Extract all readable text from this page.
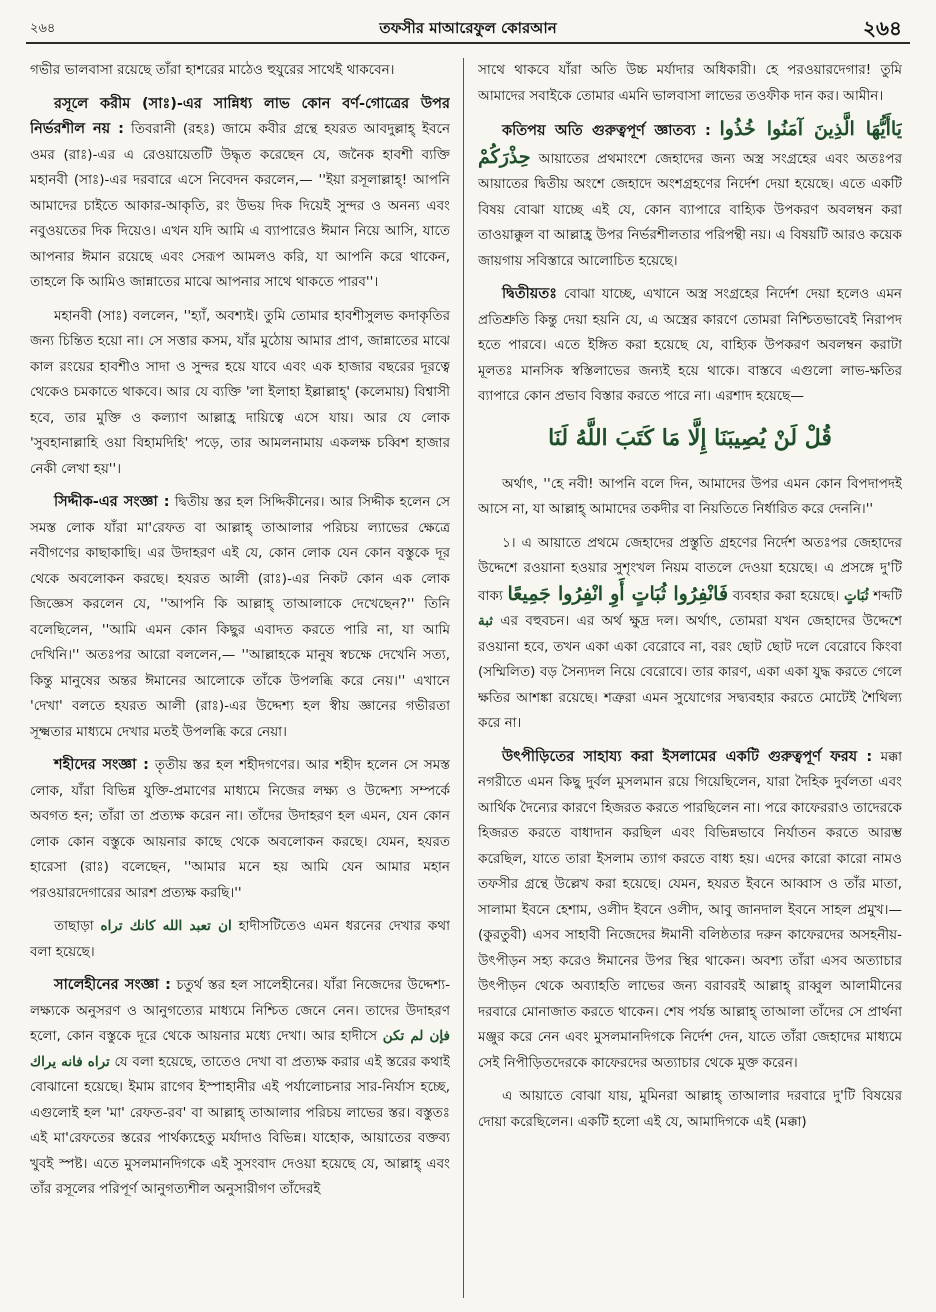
২৬৪	তফসীর মাআরেফুল কোরআন	২৬৪

গভীর ভালবাসা রয়েছে তাঁরা হাশরের মাঠেও হুযুরের সাথেই থাকবেন।

রসূলে করীম (সাঃ)-এর সান্নিধ্য লাভ কোন বর্ণ-গোত্রের উপর নির্ভরশীল নয় : তিবরানী (রহঃ) জামে কবীর গ্রন্থে হযরত আবদুল্লাহ্ ইবনে ওমর (রাঃ)-এর এ রেওয়ায়েতটি উদ্ধৃত করেছেন যে, জনৈক হাবশী ব্যক্তি মহানবী (সাঃ)-এর দরবারে এসে নিবেদন করলেন,— ''ইয়া রসূলাল্লাহ্! আপনি আমাদের চাইতে আকার-আকৃতি, রং উভয় দিক দিয়েই সুন্দর ও অনন্য এবং নবুওয়তের দিক দিয়েও। এখন যদি আমি এ ব্যাপারেও ঈমান নিয়ে আসি, যাতে আপনার ঈমান রয়েছে এবং সেরূপ আমলও করি, যা আপনি করে থাকেন, তাহলে কি আমিও জান্নাতের মাঝে আপনার সাথে থাকতে পারব''।

মহানবী (সাঃ) বললেন, ''হ্যাঁ, অবশ্যই। তুমি তোমার হাবশীসুলভ কদাকৃতির জন্য চিন্তিত হয়ো না। সে সত্তার কসম, যাঁর মুঠোয় আমার প্রাণ, জান্নাতের মাঝে কাল রংয়ের হাবশীও সাদা ও সুন্দর হয়ে যাবে এবং এক হাজার বছরের দূরত্বে থেকেও চমকাতে থাকবে। আর যে ব্যক্তি 'লা ইলাহা ইল্লাল্লাহ্' (কলেমায়) বিশ্বাসী হবে, তার মুক্তি ও কল্যাণ আল্লাহ্র দায়িত্বে এসে যায়। আর যে লোক 'সুবহানাল্লাহি ওয়া বিহামদিহি' পড়ে, তার আমলনামায় একলক্ষ চব্বিশ হাজার নেকী লেখা হয়''।

সিদ্দীক-এর সংজ্ঞা : দ্বিতীয় স্তর হল সিদ্দিকীনের। আর সিদ্দীক হলেন সে সমস্ত লোক যাঁরা মা'রেফত বা আল্লাহ্ তাআলার পরিচয় ল্যাভের ক্ষেত্রে নবীগণের কাছাকাছি। এর উদাহরণ এই যে, কোন লোক যেন কোন বস্তুকে দূর থেকে অবলোকন করছে। হযরত আলী (রাঃ)-এর নিকট কোন এক লোক জিজ্ঞেস করলেন যে, ''আপনি কি আল্লাহ্ তাআলাকে দেখেছেন?'' তিনি বলেছিলেন, ''আমি এমন কোন কিছুর এবাদত করতে পারি না, যা আমি দেখিনি।'' অতঃপর আরো বললেন,— ''আল্লাহকে মানুষ স্বচক্ষে দেখেনি সত্য, কিন্তু মানুষের অন্তর ঈমানের আলোকে তাঁকে উপলব্ধি করে নেয়।'' এখানে 'দেখা' বলতে হযরত আলী (রাঃ)-এর উদ্দেশ্য হল স্বীয় জ্ঞানের গভীরতা সূক্ষ্মতার মাধ্যমে দেখার মতই উপলব্ধি করে নেয়া।

শহীদের সংজ্ঞা : তৃতীয় স্তর হল শহীদগণের। আর শহীদ হলেন সে সমস্ত লোক, যাঁরা বিভিন্ন যুক্তি-প্রমাণের মাধ্যমে নিজের লক্ষ্য ও উদ্দেশ্য সম্পর্কে অবগত হন; তাঁরা তা প্রত্যক্ষ করেন না। তাঁদের উদাহরণ হল এমন, যেন কোন লোক কোন বস্তুকে আয়নার কাছে থেকে অবলোকন করছে। যেমন, হযরত হারেসা (রাঃ) বলেছেন, ''আমার মনে হয় আমি যেন আমার মহান পরওয়ারদেগারের আরশ প্রত্যক্ষ করছি।''

তাছাড়া ان تعبد الله كانك تراه হাদীসটিতেও এমন ধরনের দেখার কথা বলা হয়েছে।

সালেহীনের সংজ্ঞা : চতুর্থ স্তর হল সালেহীনের। যাঁরা নিজেদের উদ্দেশ্য-লক্ষ্যকে অনুসরণ ও আনুগত্যের মাধ্যমে নিশ্চিত জেনে নেন। তাদের উদাহরণ হলো, কোন বস্তুকে দূরে থেকে আয়নার মধ্যে দেখা। আর হাদীসে فإن لم تكن تراه فانه يراك যে বলা হয়েছে, তাতেও দেখা বা প্রত্যক্ষ করার এই স্তরের কথাই বোঝানো হয়েছে। ইমাম রাগেব ইস্পাহানীর এই পর্যালোচনার সার-নির্যাস হচ্ছে, এগুলোই হল 'মা' রেফত-রব' বা আল্লাহ্ তাআলার পরিচয় লাভের স্তর। বস্তুতঃ এই মা'রেফতের স্তরের পার্থক্যহেতু মর্যাদাও বিভিন্ন। যাহোক, আয়াতের বক্তব্য খুবই স্পষ্ট। এতে মুসলমানদিগকে এই সুসংবাদ দেওয়া হয়েছে যে, আল্লাহ্ এবং তাঁর রসূলের পরিপূর্ণ আনুগত্যশীল অনুসারীগণ তাঁদেরই

সাথে থাকবে যাঁরা অতি উচ্চ মর্যাদার অধিকারী। হে পরওয়ারদেগার! তুমি আমাদের সবাইকে তোমার এমনি ভালবাসা লাভের তওফীক দান কর। আমীন।

কতিপয় অতি গুরুত্বপূর্ণ জ্ঞাতব্য : يَاأَيُّهَا الَّذِينَ آمَنُوا خُذُوا حِذْرَكُمْ আয়াতের প্রথমাংশে জেহাদের জন্য অস্ত্র সংগ্রহের এবং অতঃপর আয়াতের দ্বিতীয় অংশে জেহাদে অংশগ্রহণের নির্দেশ দেয়া হয়েছে। এতে একটি বিষয় বোঝা যাচ্ছে এই যে, কোন ব্যাপারে বাহ্যিক উপকরণ অবলম্বন করা তাওয়াক্কুল বা আল্লাহ্র উপর নির্ভরশীলতার পরিপন্থী নয়। এ বিষয়টি আরও কয়েক জায়গায় সবিস্তারে আলোচিত হয়েছে।

দ্বিতীয়তঃ বোঝা যাচ্ছে, এখানে অস্ত্র সংগ্রহের নির্দেশ দেয়া হলেও এমন প্রতিশ্রুতি কিন্তু দেয়া হয়নি যে, এ অস্ত্রের কারণে তোমরা নিশ্চিতভাবেই নিরাপদ হতে পারবে। এতে ইঙ্গিত করা হয়েছে যে, বাহ্যিক উপকরণ অবলম্বন করাটা মূলতঃ মানসিক স্বস্তিলাভের জন্যই হয়ে থাকে। বাস্তবে এগুলো লাভ-ক্ষতির ব্যাপারে কোন প্রভাব বিস্তার করতে পারে না। এরশাদ হয়েছে—

قُلْ لَنْ يُصِيبَنَا إِلَّا مَا كَتَبَ اللَّهُ لَنَا

অর্থাৎ, ''হে নবী! আপনি বলে দিন, আমাদের উপর এমন কোন বিপদাপদই আসে না, যা আল্লাহ্ আমাদের তকদীর বা নিয়তিতে নির্ধারিত করে দেননি।''

১। এ আয়াতে প্রথমে জেহাদের প্রস্তুতি গ্রহণের নির্দেশ অতঃপর জেহাদের উদ্দেশে রওয়ানা হওয়ার সুশৃংখল নিয়ম বাতলে দেওয়া হয়েছে। এ প্রসঙ্গে দু'টি বাক্য فَانْفِرُوا ثُبَاتٍ أَوِ انْفِرُوا جَمِيعًا ব্যবহার করা হয়েছে। ثُبَاتٍ শব্দটি ثبة এর বহুবচন। এর অর্থ ক্ষুদ্র দল। অর্থাৎ, তোমরা যখন জেহাদের উদ্দেশে রওয়ানা হবে, তখন একা একা বেরোবে না, বরং ছোট ছোট দলে বেরোবে কিংবা (সম্মিলিত) বড় সৈন্যদল নিয়ে বেরোবে। তার কারণ, একা একা যুদ্ধ করতে গেলে ক্ষতির আশঙ্কা রয়েছে। শত্রুরা এমন সুযোগের সদ্ব্যবহার করতে মোটেই শৈথিল্য করে না।

উৎপীড়িতের সাহায্য করা ইসলামের একটি গুরুত্বপূর্ণ ফরয : মক্কা নগরীতে এমন কিছু দুর্বল মুসলমান রয়ে গিয়েছিলেন, যারা দৈহিক দুর্বলতা এবং আর্থিক দৈন্যের কারণে হিজরত করতে পারছিলেন না। পরে কাফেররাও তাদেরকে হিজরত করতে বাধাদান করছিল এবং বিভিন্নভাবে নির্যাতন করতে আরম্ভ করেছিল, যাতে তারা ইসলাম ত্যাগ করতে বাধ্য হয়। এদের কারো কারো নামও তফসীর গ্রন্থে উল্লেখ করা হয়েছে। যেমন, হযরত ইবনে আব্বাস ও তাঁর মাতা, সালামা ইবনে হেশাম, ওলীদ ইবনে ওলীদ, আবু জানদাল ইবনে সাহল প্রমুখ।—(কুরতুবী) এসব সাহাবী নিজেদের ঈমানী বলিষ্ঠতার দরুন কাফেরদের অসহনীয়-উৎপীড়ন সহ্য করেও ঈমানের উপর স্থির থাকেন। অবশ্য তাঁরা এসব অত্যাচার উৎপীড়ন থেকে অব্যাহতি লাভের জন্য বরাবরই আল্লাহ্ রাব্বুল আলামীনের দরবারে মোনাজাত করতে থাকেন। শেষ পর্যন্ত আল্লাহ্ তাআলা তাঁদের সে প্রার্থনা মঞ্জুর করে নেন এবং মুসলমানদিগকে নির্দেশ দেন, যাতে তাঁরা জেহাদের মাধ্যমে সেই নিপীড়িতদেরকে কাফেরদের অত্যাচার থেকে মুক্ত করেন।

এ আয়াতে বোঝা যায়, মুমিনরা আল্লাহ্ তাআলার দরবারে দু'টি বিষয়ের দোয়া করেছিলেন। একটি হলো এই যে, আমাদিগকে এই (মক্কা)
